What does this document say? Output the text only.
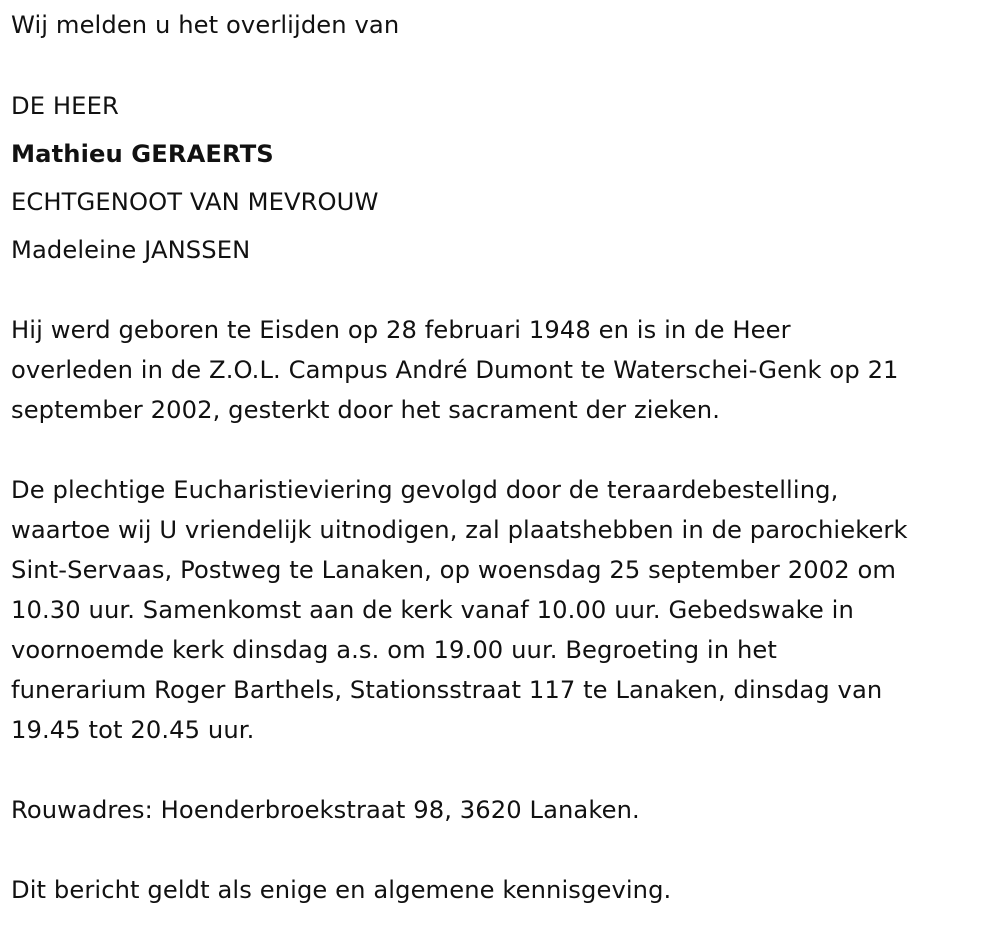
Wij melden u het overlijden van
DE HEER
Mathieu GERAERTS
ECHTGENOOT VAN MEVROUW
Madeleine JANSSEN
Hij werd geboren te Eisden op 28 februari 1948 en is in de Heer
overleden in de Z.O.L. Campus André Dumont te Waterschei-Genk op 21
september 2002, gesterkt door het sacrament der zieken.
De plechtige Eucharistieviering gevolgd door de teraardebestelling,
waartoe wij U vriendelijk uitnodigen, zal plaatshebben in de parochiekerk
Sint-Servaas, Postweg te Lanaken, op woensdag 25 september 2002 om
10.30 uur. Samenkomst aan de kerk vanaf 10.00 uur. Gebedswake in
voornoemde kerk dinsdag a.s. om 19.00 uur. Begroeting in het
funerarium Roger Barthels, Stationsstraat 117 te Lanaken, dinsdag van
19.45 tot 20.45 uur.
Rouwadres: Hoenderbroekstraat 98, 3620 Lanaken.
Dit bericht geldt als enige en algemene kennisgeving.
